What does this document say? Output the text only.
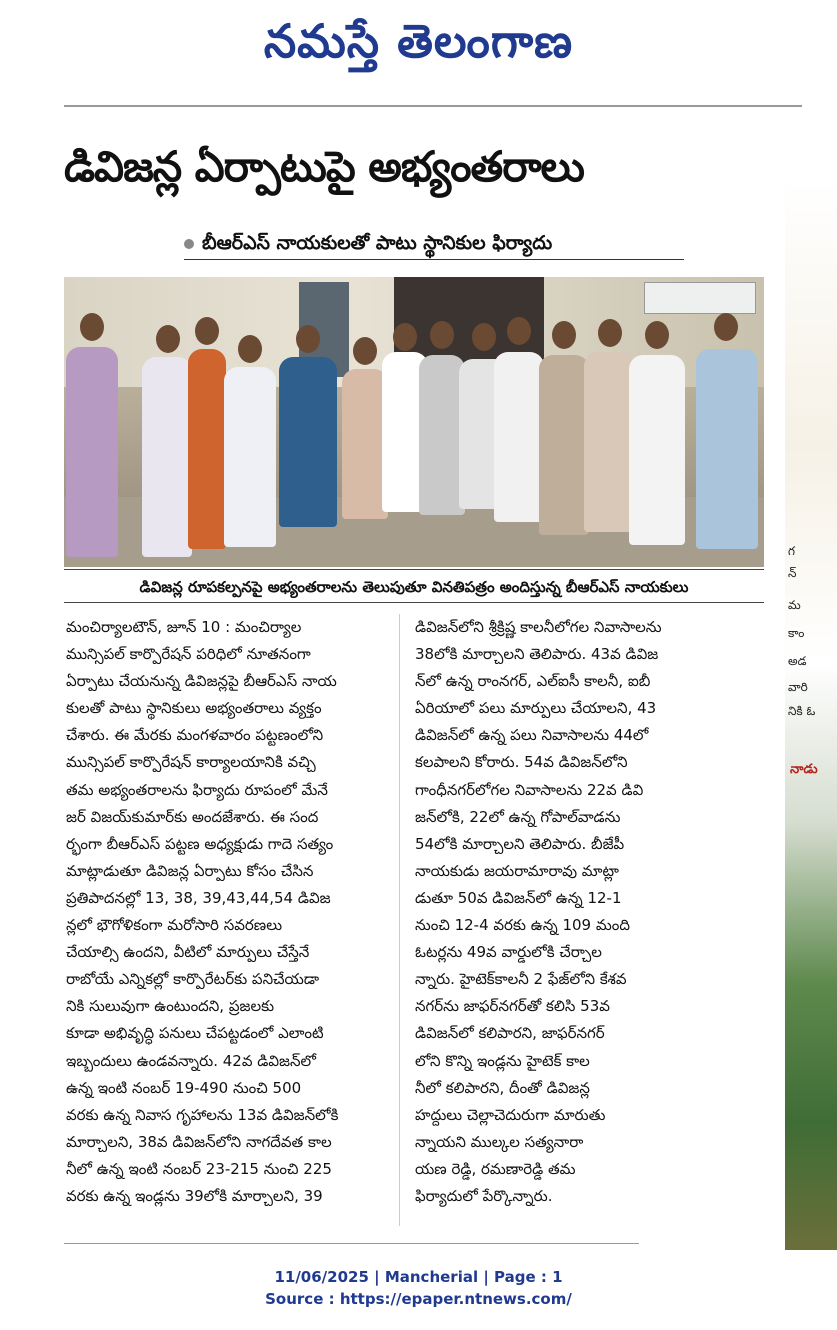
నమస్తే తెలంగాణ
డివిజన్ల ఏర్పాటుపై అభ్యంతరాలు
బీఆర్ఎస్ నాయకులతో పాటు స్థానికుల ఫిర్యాదు
డివిజన్ల రూపకల్పనపై అభ్యంతరాలను తెలుపుతూ వినతిపత్రం అందిస్తున్న బీఆర్ఎస్ నాయకులు
మంచిర్యాలటౌన్, జూన్ 10 : మంచిర్యాల
మున్సిపల్ కార్పొరేషన్ పరిధిలో నూతనంగా
ఏర్పాటు చేయనున్న డివిజన్లపై బీఆర్ఎస్ నాయ
కులతో పాటు స్థానికులు అభ్యంతరాలు వ్యక్తం
చేశారు. ఈ మేరకు మంగళవారం పట్టణంలోని
మున్సిపల్ కార్పొరేషన్ కార్యాలయానికి వచ్చి
తమ అభ్యంతరాలను ఫిర్యాదు రూపంలో మేనే
జర్ విజయ్‌కుమార్‌కు అందజేశారు. ఈ సంద
ర్భంగా బీఆర్ఎస్ పట్టణ అధ్యక్షుడు గాదె సత్యం
మాట్లాడుతూ డివిజన్ల ఏర్పాటు కోసం చేసిన
ప్రతిపాదనల్లో 13, 38, 39,43,44,54 డివిజ
న్లలో భౌగోళికంగా మరోసారి సవరణలు
చేయాల్సి ఉందని, వీటిలో మార్పులు చేస్తేనే
రాబోయే ఎన్నికల్లో కార్పొరేటర్‌కు పనిచేయడా
నికి సులువుగా ఉంటుందని, ప్రజలకు
కూడా అభివృద్ధి పనులు చేపట్టడంలో ఎలాంటి
ఇబ్బందులు ఉండవన్నారు. 42వ డివిజన్‌లో
ఉన్న ఇంటి నంబర్ 19-490 నుంచి 500
వరకు ఉన్న నివాస గృహాలను 13వ డివిజన్‌లోకి
మార్చాలని, 38వ డివిజన్‌లోని నాగదేవత కాల
నీలో ఉన్న ఇంటి నంబర్ 23-215 నుంచి 225
వరకు ఉన్న ఇండ్లను 39లోకి మార్చాలని, 39
డివిజన్‌లోని శ్రీక్రిష్ణ కాలనీలోగల నివాసాలను
38లోకి మార్చాలని తెలిపారు. 43వ డివిజ
న్‌లో ఉన్న రాంనగర్, ఎల్ఐసీ కాలనీ, ఐబీ
ఏరియాలో పలు మార్పులు చేయాలని, 43
డివిజన్‌లో ఉన్న పలు నివాసాలను 44లో
కలపాలని కోరారు. 54వ డివిజన్‌లోని
గాంధీనగర్‌లోగల నివాసాలను 22వ డివి
జన్‌లోకి, 22లో ఉన్న గోపాల్‌వాడను
54లోకి మార్చాలని తెలిపారు. బీజేపీ
నాయకుడు జయరామారావు మాట్లా
డుతూ 50వ డివిజన్‌లో ఉన్న 12-1
నుంచి 12-4 వరకు ఉన్న 109 మంది
ఓటర్లను 49వ వార్డులోకి చేర్చాల
న్నారు. హైటెక్‌కాలనీ 2 ఫేజ్‌లోని కేశవ
నగర్‌ను జాఫర్‌నగర్‌తో కలిసి 53వ
డివిజన్‌లో కలిపారని, జాఫర్‌నగర్
లోని కొన్ని ఇండ్లను హైటెక్ కాల
నీలో కలిపారని, దీంతో డివిజన్ల
హద్దులు చెల్లాచెదురుగా మారుతు
న్నాయని ముల్కల సత్యనారా
యణ రెడ్డి, రమణారెడ్డి తమ
ఫిర్యాదులో పేర్కొన్నారు.
గ
న్
మ
కాం
అడ
వారి
నికి ఓ
నాడు
11/06/2025 | Mancherial | Page : 1
Source : https://epaper.ntnews.com/
